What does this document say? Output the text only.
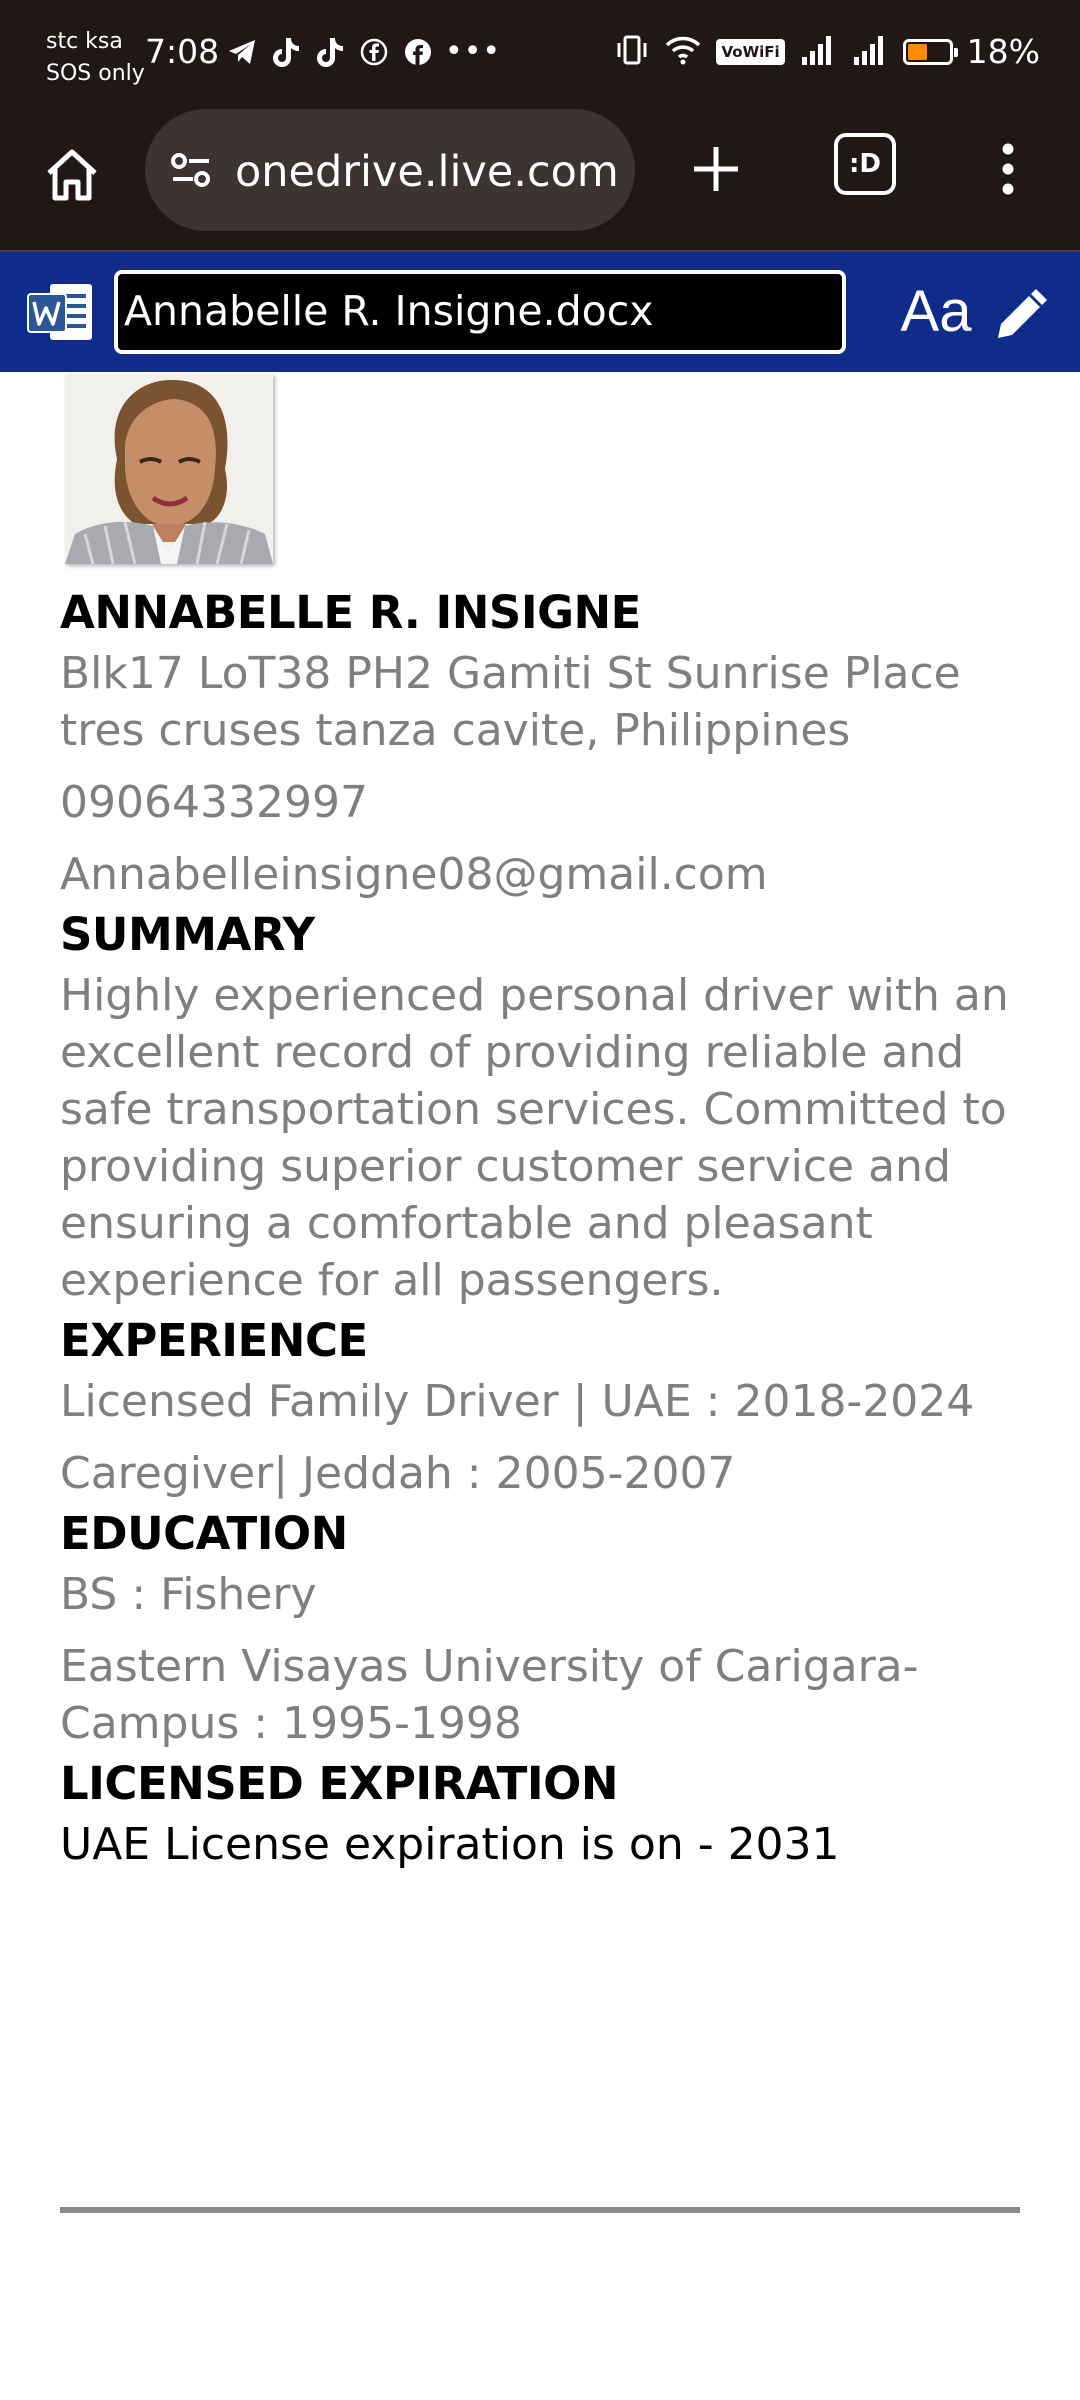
stc ksa
SOS only
7:08	•••	VoWiFi	18%
onedrive.live.com	:D
Annabelle R. Insigne.docx	Aa

ANNABELLE R. INSIGNE

Blk17 LoT38 PH2 Gamiti St Sunrise Place tres cruses tanza cavite, Philippines

09064332997

Annabelleinsigne08@gmail.com

SUMMARY

Highly experienced personal driver with an excellent record of providing reliable and safe transportation services. Committed to providing superior customer service and ensuring a comfortable and pleasant experience for all passengers.

EXPERIENCE

Licensed Family Driver | UAE : 2018-2024

Caregiver| Jeddah : 2005-2007

EDUCATION

BS : Fishery

Eastern Visayas University of Carigara-Campus : 1995-1998

LICENSED EXPIRATION

UAE License expiration is on - 2031
